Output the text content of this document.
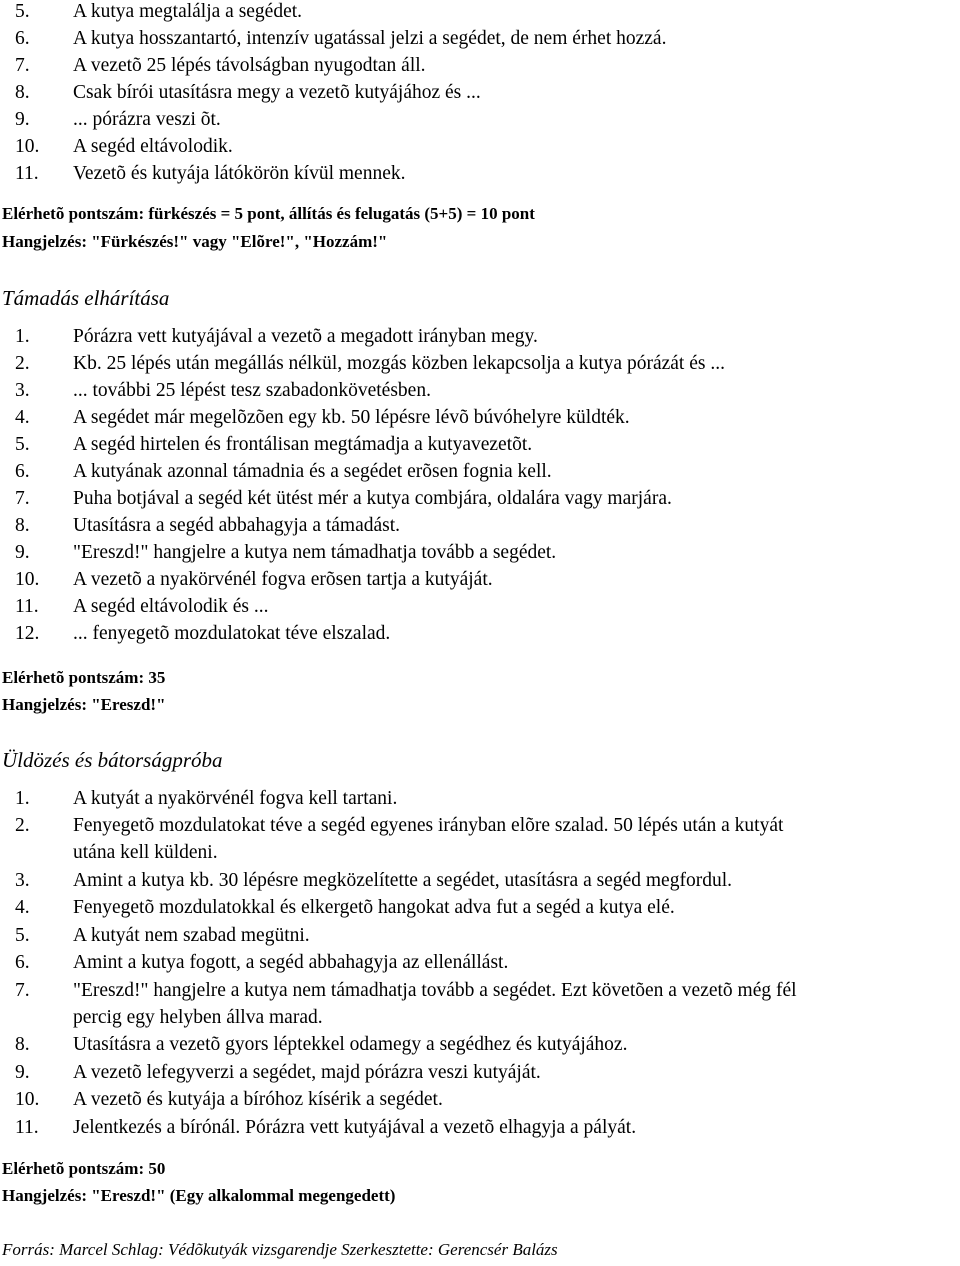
5. A kutya megtalálja a segédet.
6. A kutya hosszantartó, intenzív ugatással jelzi a segédet, de nem érhet hozzá.
7. A vezetõ 25 lépés távolságban nyugodtan áll.
8. Csak bírói utasításra megy a vezetõ kutyájához és ...
9. ... pórázra veszi õt.
10. A segéd eltávolodik.
11. Vezetõ és kutyája látókörön kívül mennek.
Elérhetõ pontszám: fürkészés = 5 pont, állítás és felugatás (5+5) = 10 pont
Hangjelzés: "Fürkészés!" vagy "Elõre!", "Hozzám!"
Támadás elhárítása
1. Pórázra vett kutyájával a vezetõ a megadott irányban megy.
2. Kb. 25 lépés után megállás nélkül, mozgás közben lekapcsolja a kutya pórázát és ...
3. ... további 25 lépést tesz szabadonkövetésben.
4. A segédet már megelõzõen egy kb. 50 lépésre lévõ búvóhelyre küldték.
5. A segéd hirtelen és frontálisan megtámadja a kutyavezetõt.
6. A kutyának azonnal támadnia és a segédet erõsen fognia kell.
7. Puha botjával a segéd két ütést mér a kutya combjára, oldalára vagy marjára.
8. Utasításra a segéd abbahagyja a támadást.
9. "Ereszd!" hangjelre a kutya nem támadhatja tovább a segédet.
10. A vezetõ a nyakörvénél fogva erõsen tartja a kutyáját.
11. A segéd eltávolodik és ...
12. ... fenyegetõ mozdulatokat téve elszalad.
Elérhetõ pontszám: 35
Hangjelzés: "Ereszd!"
Üldözés és bátorságpróba
1. A kutyát a nyakörvénél fogva kell tartani.
2. Fenyegetõ mozdulatokat téve a segéd egyenes irányban elõre szalad. 50 lépés után a kutyát
utána kell küldeni.
3. Amint a kutya kb. 30 lépésre megközelítette a segédet, utasításra a segéd megfordul.
4. Fenyegetõ mozdulatokkal és elkergetõ hangokat adva fut a segéd a kutya elé.
5. A kutyát nem szabad megütni.
6. Amint a kutya fogott, a segéd abbahagyja az ellenállást.
7. "Ereszd!" hangjelre a kutya nem támadhatja tovább a segédet. Ezt követõen a vezetõ még fél
percig egy helyben állva marad.
8. Utasításra a vezetõ gyors léptekkel odamegy a segédhez és kutyájához.
9. A vezetõ lefegyverzi a segédet, majd pórázra veszi kutyáját.
10. A vezetõ és kutyája a bíróhoz kísérik a segédet.
11. Jelentkezés a bírónál. Pórázra vett kutyájával a vezetõ elhagyja a pályát.
Elérhetõ pontszám: 50
Hangjelzés: "Ereszd!" (Egy alkalommal megengedett)
Forrás: Marcel Schlag: Védõkutyák vizsgarendje Szerkesztette: Gerencsér Balázs
